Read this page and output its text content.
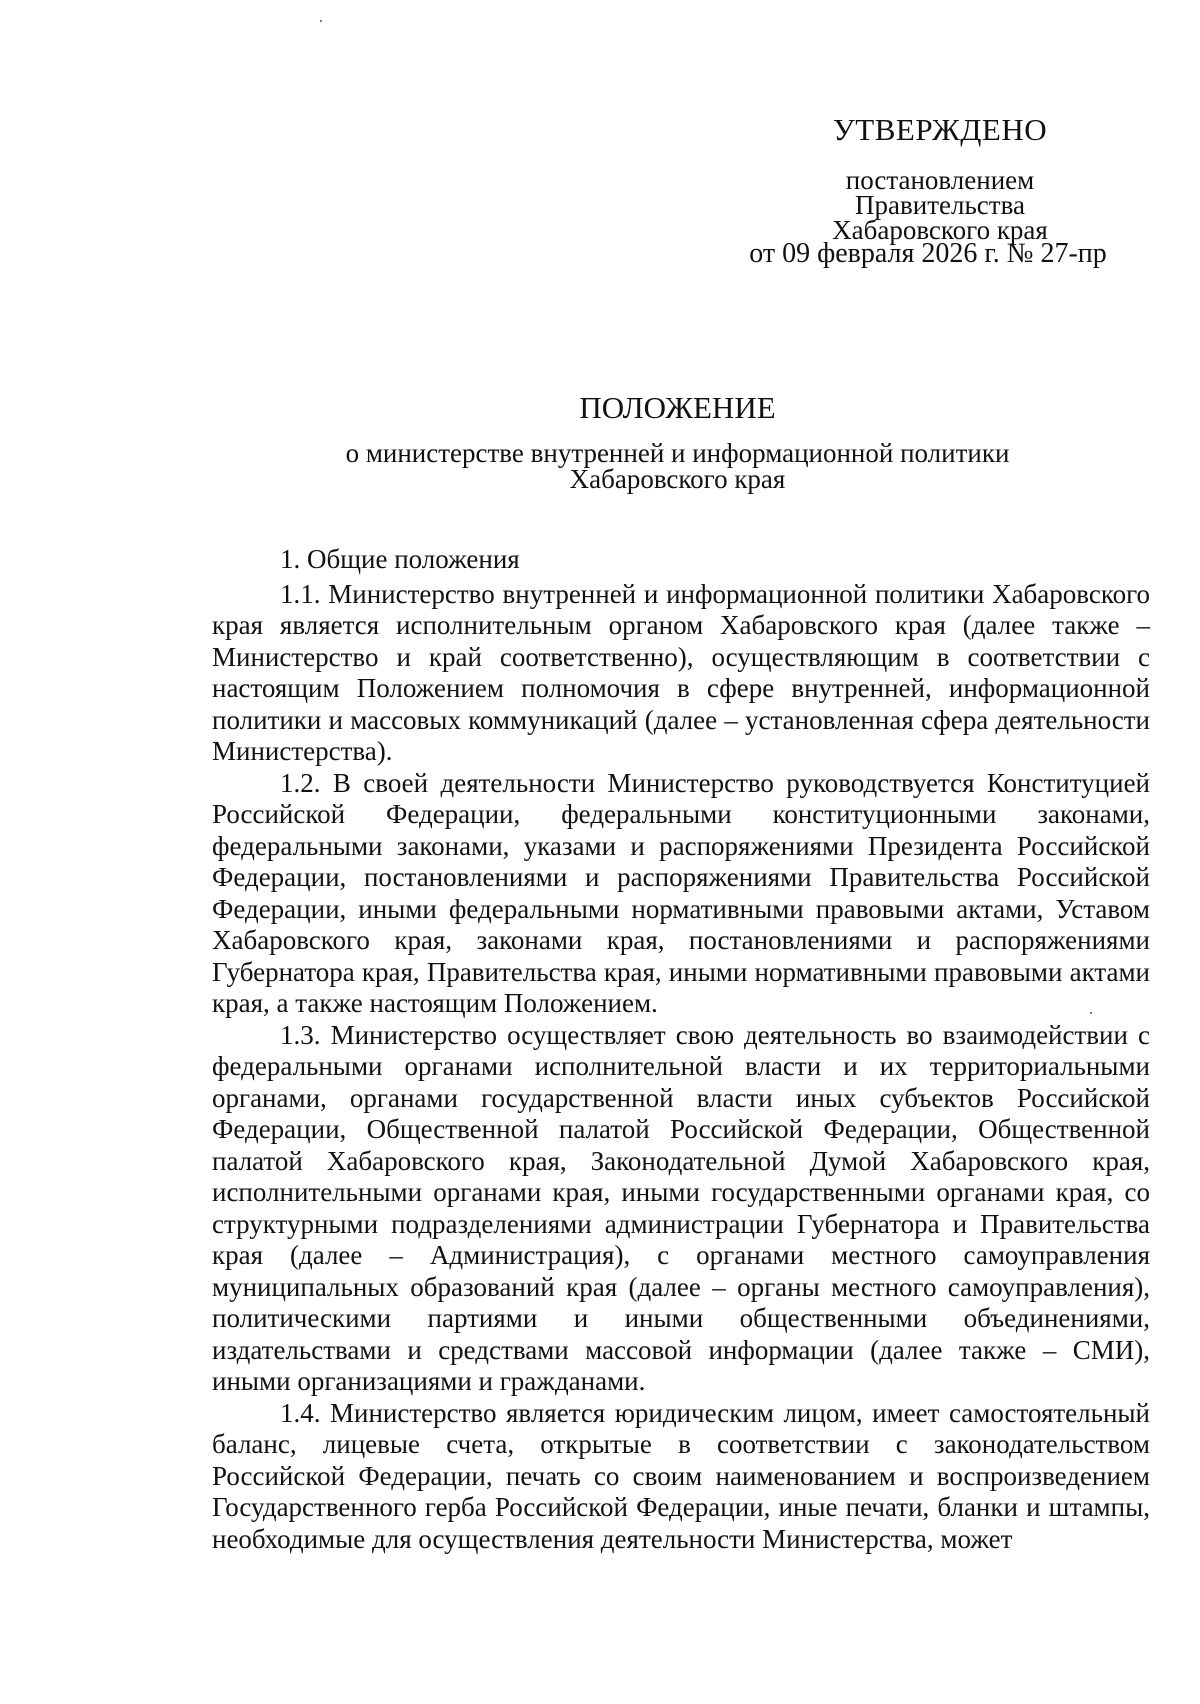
УТВЕРЖДЕНО
постановлением
Правительства
Хабаровского края
от 09 февраля 2026 г. № 27-пр
ПОЛОЖЕНИЕ
о министерстве внутренней и информационной политики
Хабаровского края
1. Общие положения

1.1. Министерство внутренней и информационной политики Хабаровского края является исполнительным органом Хабаровского края (далее также – Министерство и край соответственно), осуществляющим в соответствии с настоящим Положением полномочия в сфере внутренней, информационной политики и массовых коммуникаций (далее – установленная сфера деятельности Министерства).

1.2. В своей деятельности Министерство руководствуется Конституцией Российской Федерации, федеральными конституционными законами, федеральными законами, указами и распоряжениями Президента Российской Федерации, постановлениями и распоряжениями Правительства Российской Федерации, иными федеральными нормативными правовыми актами, Уставом Хабаровского края, законами края, постановлениями и распоряжениями Губернатора края, Правительства края, иными нормативными правовыми актами края, а также настоящим Положением.

1.3. Министерство осуществляет свою деятельность во взаимодействии с федеральными органами исполнительной власти и их территориальными органами, органами государственной власти иных субъектов Российской Федерации, Общественной палатой Российской Федерации, Общественной палатой Хабаровского края, Законодательной Думой Хабаровского края, исполнительными органами края, иными государственными органами края, со структурными подразделениями администрации Губернатора и Правительства края (далее – Администрация), с органами местного самоуправления муниципальных образований края (далее – органы местного самоуправления), политическими партиями и иными общественными объединениями, издательствами и средствами массовой информации (далее также – СМИ), иными организациями и гражданами.

1.4. Министерство является юридическим лицом, имеет самостоятельный баланс, лицевые счета, открытые в соответствии с законодательством Российской Федерации, печать со своим наименованием и воспроизведением Государственного герба Российской Федерации, иные печати, бланки и штампы, необходимые для осуществления деятельности Министерства, может
